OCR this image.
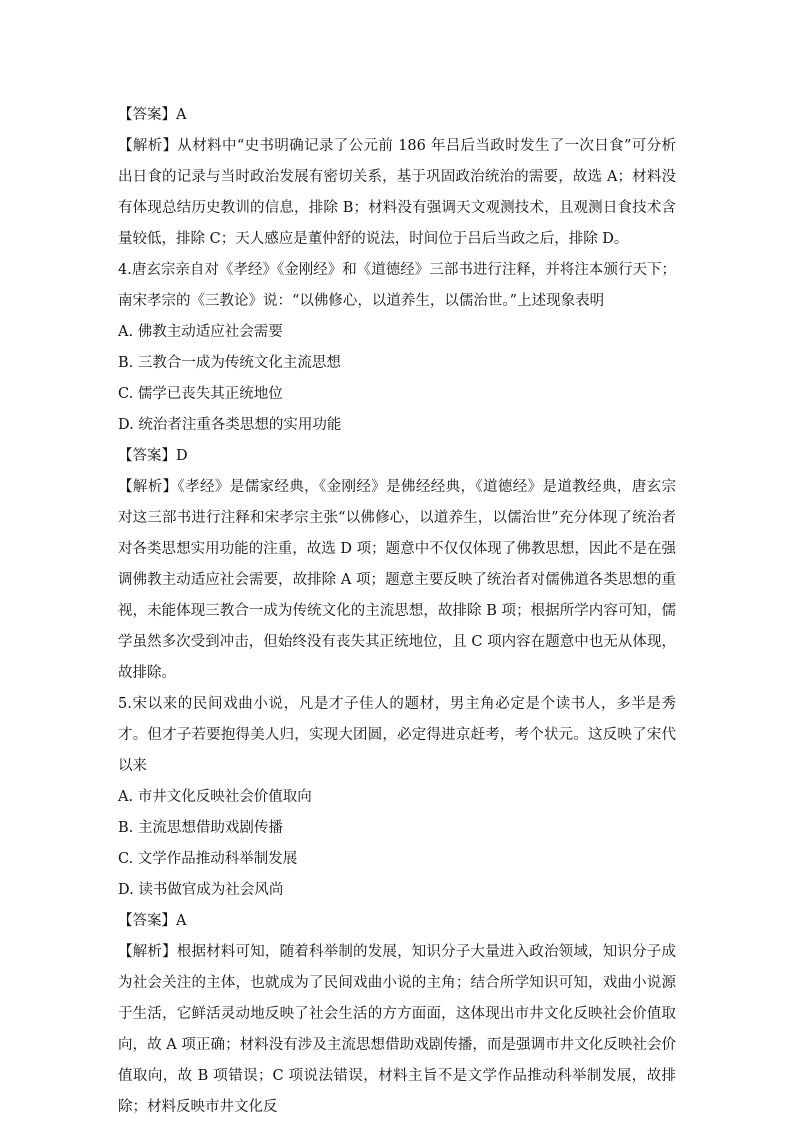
【答案】A

【解析】从材料中“史书明确记录了公元前 186 年吕后当政时发生了一次日食”可分析出日食的记录与当时政治发展有密切关系，基于巩固政治统治的需要，故选 A；材料没有体现总结历史教训的信息，排除 B；材料没有强调天文观测技术，且观测日食技术含量较低，排除 C；天人感应是董仲舒的说法，时间位于吕后当政之后，排除 D。

4.唐玄宗亲自对《孝经》《金刚经》和《道德经》三部书进行注释，并将注本颁行天下；南宋孝宗的《三教论》说：“以佛修心，以道养生，以儒治世。”上述现象表明

A. 佛教主动适应社会需要

B. 三教合一成为传统文化主流思想

C. 儒学已丧失其正统地位

D. 统治者注重各类思想的实用功能

【答案】D

【解析】《孝经》是儒家经典，《金刚经》是佛经经典，《道德经》是道教经典，唐玄宗对这三部书进行注释和宋孝宗主张“以佛修心，以道养生，以儒治世”充分体现了统治者对各类思想实用功能的注重，故选 D 项；题意中不仅仅体现了佛教思想，因此不是在强调佛教主动适应社会需要，故排除 A 项；题意主要反映了统治者对儒佛道各类思想的重视，未能体现三教合一成为传统文化的主流思想，故排除 B 项；根据所学内容可知，儒学虽然多次受到冲击，但始终没有丧失其正统地位，且 C 项内容在题意中也无从体现，故排除。

5.宋以来的民间戏曲小说，凡是才子佳人的题材，男主角必定是个读书人，多半是秀才。但才子若要抱得美人归，实现大团圆，必定得进京赶考，考个状元。这反映了宋代以来

A. 市井文化反映社会价值取向

B. 主流思想借助戏剧传播

C. 文学作品推动科举制发展

D. 读书做官成为社会风尚

【答案】A

【解析】根据材料可知，随着科举制的发展，知识分子大量进入政治领域，知识分子成为社会关注的主体，也就成为了民间戏曲小说的主角；结合所学知识可知，戏曲小说源于生活，它鲜活灵动地反映了社会生活的方方面面，这体现出市井文化反映社会价值取向，故 A 项正确；材料没有涉及主流思想借助戏剧传播，而是强调市井文化反映社会价值取向，故 B 项错误；C 项说法错误，材料主旨不是文学作品推动科举制发展，故排除；材料反映市井文化反
